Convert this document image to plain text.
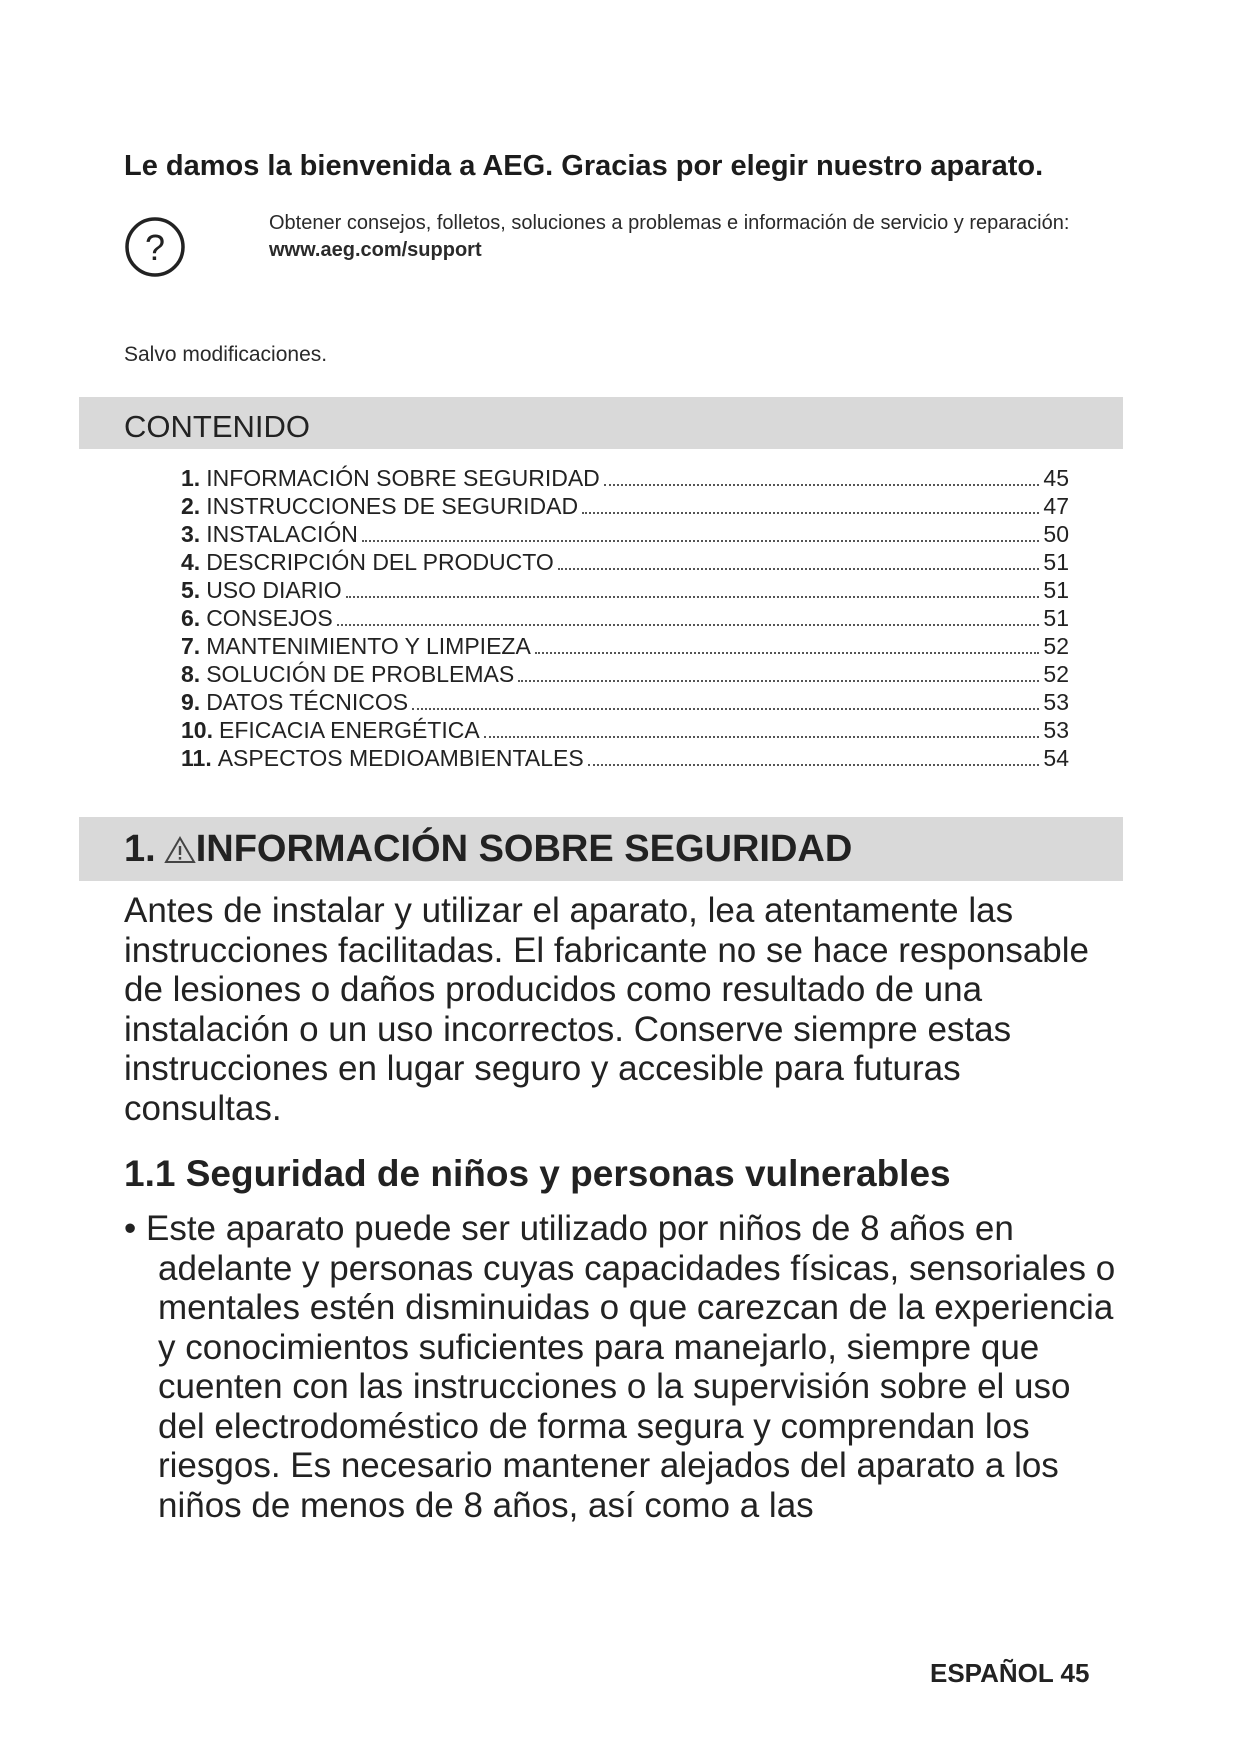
Le damos la bienvenida a AEG. Gracias por elegir nuestro aparato.
?
Obtener consejos, folletos, soluciones a problemas e información de servicio y reparación:
www.aeg.com/support
Salvo modificaciones.
CONTENIDO
1. INFORMACIÓN SOBRE SEGURIDAD	45
2. INSTRUCCIONES DE SEGURIDAD	47
3. INSTALACIÓN	50
4. DESCRIPCIÓN DEL PRODUCTO	51
5. USO DIARIO	51
6. CONSEJOS	51
7. MANTENIMIENTO Y LIMPIEZA	52
8. SOLUCIÓN DE PROBLEMAS	52
9. DATOS TÉCNICOS	53
10. EFICACIA ENERGÉTICA	53
11. ASPECTOS MEDIOAMBIENTALES	54
1. INFORMACIÓN SOBRE SEGURIDAD
Antes de instalar y utilizar el aparato, lea atentamente las instrucciones facilitadas. El fabricante no se hace responsable de lesiones o daños producidos como resultado de una instalación o un uso incorrectos. Conserve siempre estas instrucciones en lugar seguro y accesible para futuras consultas.
1.1 Seguridad de niños y personas vulnerables
• Este aparato puede ser utilizado por niños de 8 años en adelante y personas cuyas capacidades físicas, sensoriales o mentales estén disminuidas o que carezcan de la experiencia y conocimientos suficientes para manejarlo, siempre que cuenten con las instrucciones o la supervisión sobre el uso del electrodoméstico de forma segura y comprendan los riesgos. Es necesario mantener alejados del aparato a los niños de menos de 8 años, así como a las
ESPAÑOL 45
